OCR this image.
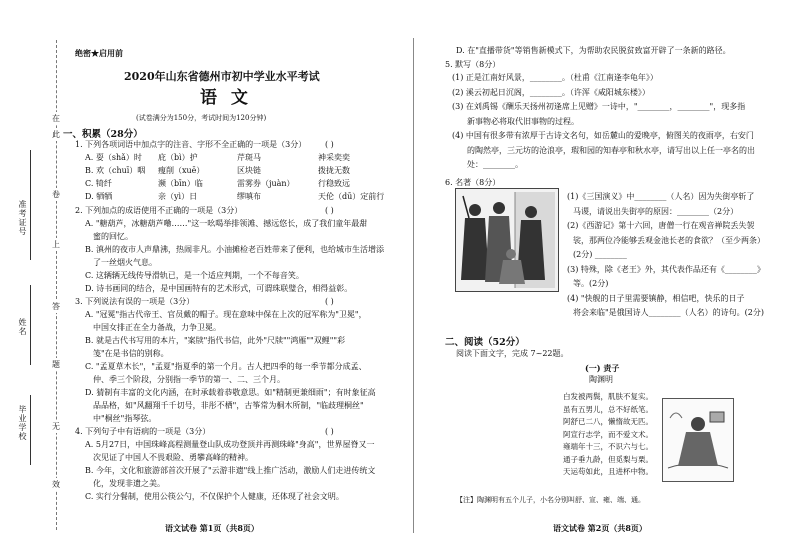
在
此
卷
上
答
题
无
效
准考证号
姓名
毕业学校
绝密★启用前
2020年山东省德州市初中学业水平考试
语 文
(试卷满分为150分，考试时间为120分钟)
一、积累（28分）
1. 下列各项词语中加点字的注音、字形不全正确的一项是（3分） ( )
A. 耍（shǎ）时 庇（bì）护	芹斑马	神采奕奕
B. 欢（chuī）咽 瘦削（xuē）	区块链	拨拢无数
C. 犄纤	濒（bīn）临	雷雾券（juàn）	行稳致远
D. 牺牺	亲（yì）日	缪嗔布	天伦（dū）定前行
2. 下列加点的成语使用不正确的一项是（3分）	( )
A. "糖葫芦，冰糖葫芦嘞……"这一吆喝举排领滩、撼远悠长，成了我们童年最甜
蜜的回忆。
B. 滇州的夜市人声鼎沸，热闹非凡。小油摊检老百姓带来了便利，也给城市生活增添
了一丝烟火气息。
C. 这辆辆无线传导滑轨已，是一个适应判期，一个不每音笑。
D. 诗书画同的结合，是中国画特有的艺术形式，可谓珠联璧合，相得益彰。
3. 下列说法有误的一项是（3分）	( )
A. "冠冕"指古代帝王、官员戴的帽子。现在意味中保在上次的冠军称为"卫冕"，
中国女排正在全力备战，力争卫冕。
B. 就是古代书写用的本片，"案牍"指代书信，此外"尺牍""鸿雁""双鲤""彩
笺"在是书信的别称。
C. "孟夏草木长"，"孟夏"指夏季的第一个月。古人把四季的每一季节都分成孟、
仲、季三个阶段，分别指一季节的第一、二、三个月。
D. 猜制有丰富的文化内涵，在时承载着恭敬意思。如"精制更兼细雨"；有时象征高
品品格，如"风翻翔千千切号，非彤不栖"，古筝常为桐木所制，"临歧理桐丝"
中"桐丝"指琴弦。
4. 下列句子中有语病的一项是（3分）	( )
A. 5月27日，中国珠峰高程测量登山队成功登顶并再测珠峰"身高"，世界屋脊又一
次见证了中国人不畏艰险、勇攀高峰的精神。
B. 今年，文化和旅游部首次开展了"云游非遗"线上推广活动，激励人们走进传统文
化，发现非遗之美。
C. 实行分餐制，使用公筷公勺，不仅保护个人健康，还体现了社会文明。
语文试卷 第1页（共8页）
D. 在"直播带货"等销售新模式下，为帮助农民脱贫致富开辟了一条新的路径。
5. 默写（8分）
(1) 正是江南好风景，________。（杜甫《江南逢李龟年》）
(2) 溪云初起日沉阁，________。（许浑《咸阳城东楼》）
(3) 在刘禹锡《酬乐天扬州初逢席上见赠》一诗中，"________，________"，现多指
新事物必将取代旧事物的过程。
(4) 中国有很多带有浓厚于古诗文名句，如岳麓山的爱晚亭，俯图关的夜雨亭，右安门
的陶然亭，三元坊的沧浪亭，瑕和园的知春亭和秋水亭，请写出以上任一亭名的出
处：________。
6. 名著（8分）
(1)《三国演义》中________（人名）因为失街亭斩了
马谡，请说出失街亭的原因：________（2分）
(2)《西游记》第十六回，唐僧一行在观音禅院丢失袈
裟，那两位冷能够丢观金池长老的食欲？（至少两条）
(2分) ________
(3) 特殊，除《老王》外，其代表作品还有《________》
等。(2分)
(4) "快舰的日子里需要镇静，相信吧，快乐的日子
将会来临"是俄国诗人________（人名）的诗句。(2分)
二、阅读（52分）
阅读下面文字，完成 7~22题。
(一) 责子
陶渊明
白发被两鬓，肌肤不复实。
虽有五男儿，总不好纸笔。
阿舒已二八，懒惰故无匹。
阿宣行志学，而不爱文术。
雍端年十三，不识六与七。
通子垂九龄，但觅梨与栗。
天运苟如此，且进杯中物。
【注】陶渊明有五个儿子，小名分别叫舒、宣、雍、端、通。
语文试卷 第2页（共8页）
